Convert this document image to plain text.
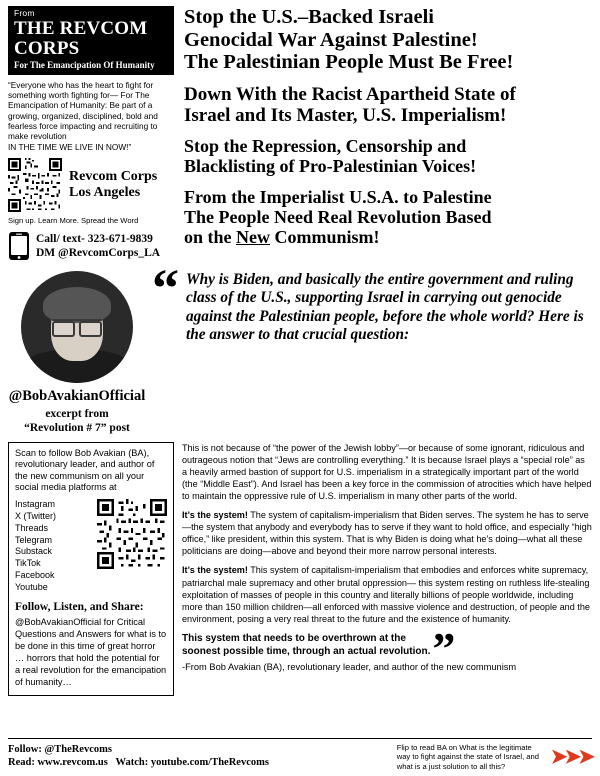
From
THE REVCOM CORPS
For The Emancipation Of Humanity
“Everyone who has the heart to fight for something worth fighting for— For The Emancipation of Humanity: Be part of a growing, organized, disciplined, bold and fearless force impacting and recruiting to make revolution
IN THE TIME WE LIVE IN NOW!”
Revcom Corps
Los Angeles
Sign up. Learn More. Spread the Word
Call/ text- 323-671-9839
DM @RevcomCorps_LA
Stop the U.S.–Backed Israeli
Genocidal War Against Palestine!
The Palestinian People Must Be Free!
Down With the Racist Apartheid State of
Israel and Its Master, U.S. Imperialism!
Stop the Repression, Censorship and
Blacklisting of Pro-Palestinian Voices!
From the Imperialist U.S.A. to Palestine
The People Need Real Revolution Based
on the New Communism!
@BobAvakianOfficial
excerpt from
“Revolution # 7” post
“ Why is Biden, and basically the entire government and ruling class of the U.S., supporting Israel in carrying out genocide against the Palestinian people, before the whole world? Here is the answer to that crucial question:
Scan to follow Bob Avakian (BA), revolutionary leader, and author of the new communism on all your social media platforms at
Instagram
X (Twitter)
Threads
Telegram
Substack
TikTok
Facebook
Youtube
Follow, Listen, and Share:
@BobAvakianOfficial for Critical Questions and Answers for what is to be done in this time of great horror … horrors that hold the potential for a real revolution for the emancipation of humanity…

This is not because of “the power of the Jewish lobby”—or because of some ignorant, ridiculous and outrageous notion that “Jews are controlling everything.” It is because Israel plays a “special role” as a heavily armed bastion of support for U.S. imperialism in a strategically important part of the world (the “Middle East”). And Israel has been a key force in the commission of atrocities which have helped to maintain the oppressive rule of U.S. imperialism in many other parts of the world.

It’s the system! The system of capitalism-imperialism that Biden serves. The system he has to serve—the system that anybody and everybody has to serve if they want to hold office, and especially “high office,” like president, within this system. That is why Biden is doing what he’s doing—what all these politicians are doing—above and beyond their more narrow personal interests.

It’s the system! This system of capitalism-imperialism that embodies and enforces white supremacy, patriarchal male supremacy and other brutal oppression— this system resting on ruthless life-stealing exploitation of masses of people in this country and literally billions of people worldwide, including more than 150 million children—all enforced with massive violence and destruction, of people and the environment, posing a very real threat to the future and the existence of humanity.

This system that needs to be overthrown at the
soonest possible time, through an actual revolution.”
-From Bob Avakian (BA), revolutionary leader, and author of the new communism
Follow: @TheRevcoms
Read: www.revcom.us Watch: youtube.com/TheRevcoms
Flip to read BA on What is the legitimate way to fight against the state of Israel, and what is a just solution to all this?	➤➤➤
